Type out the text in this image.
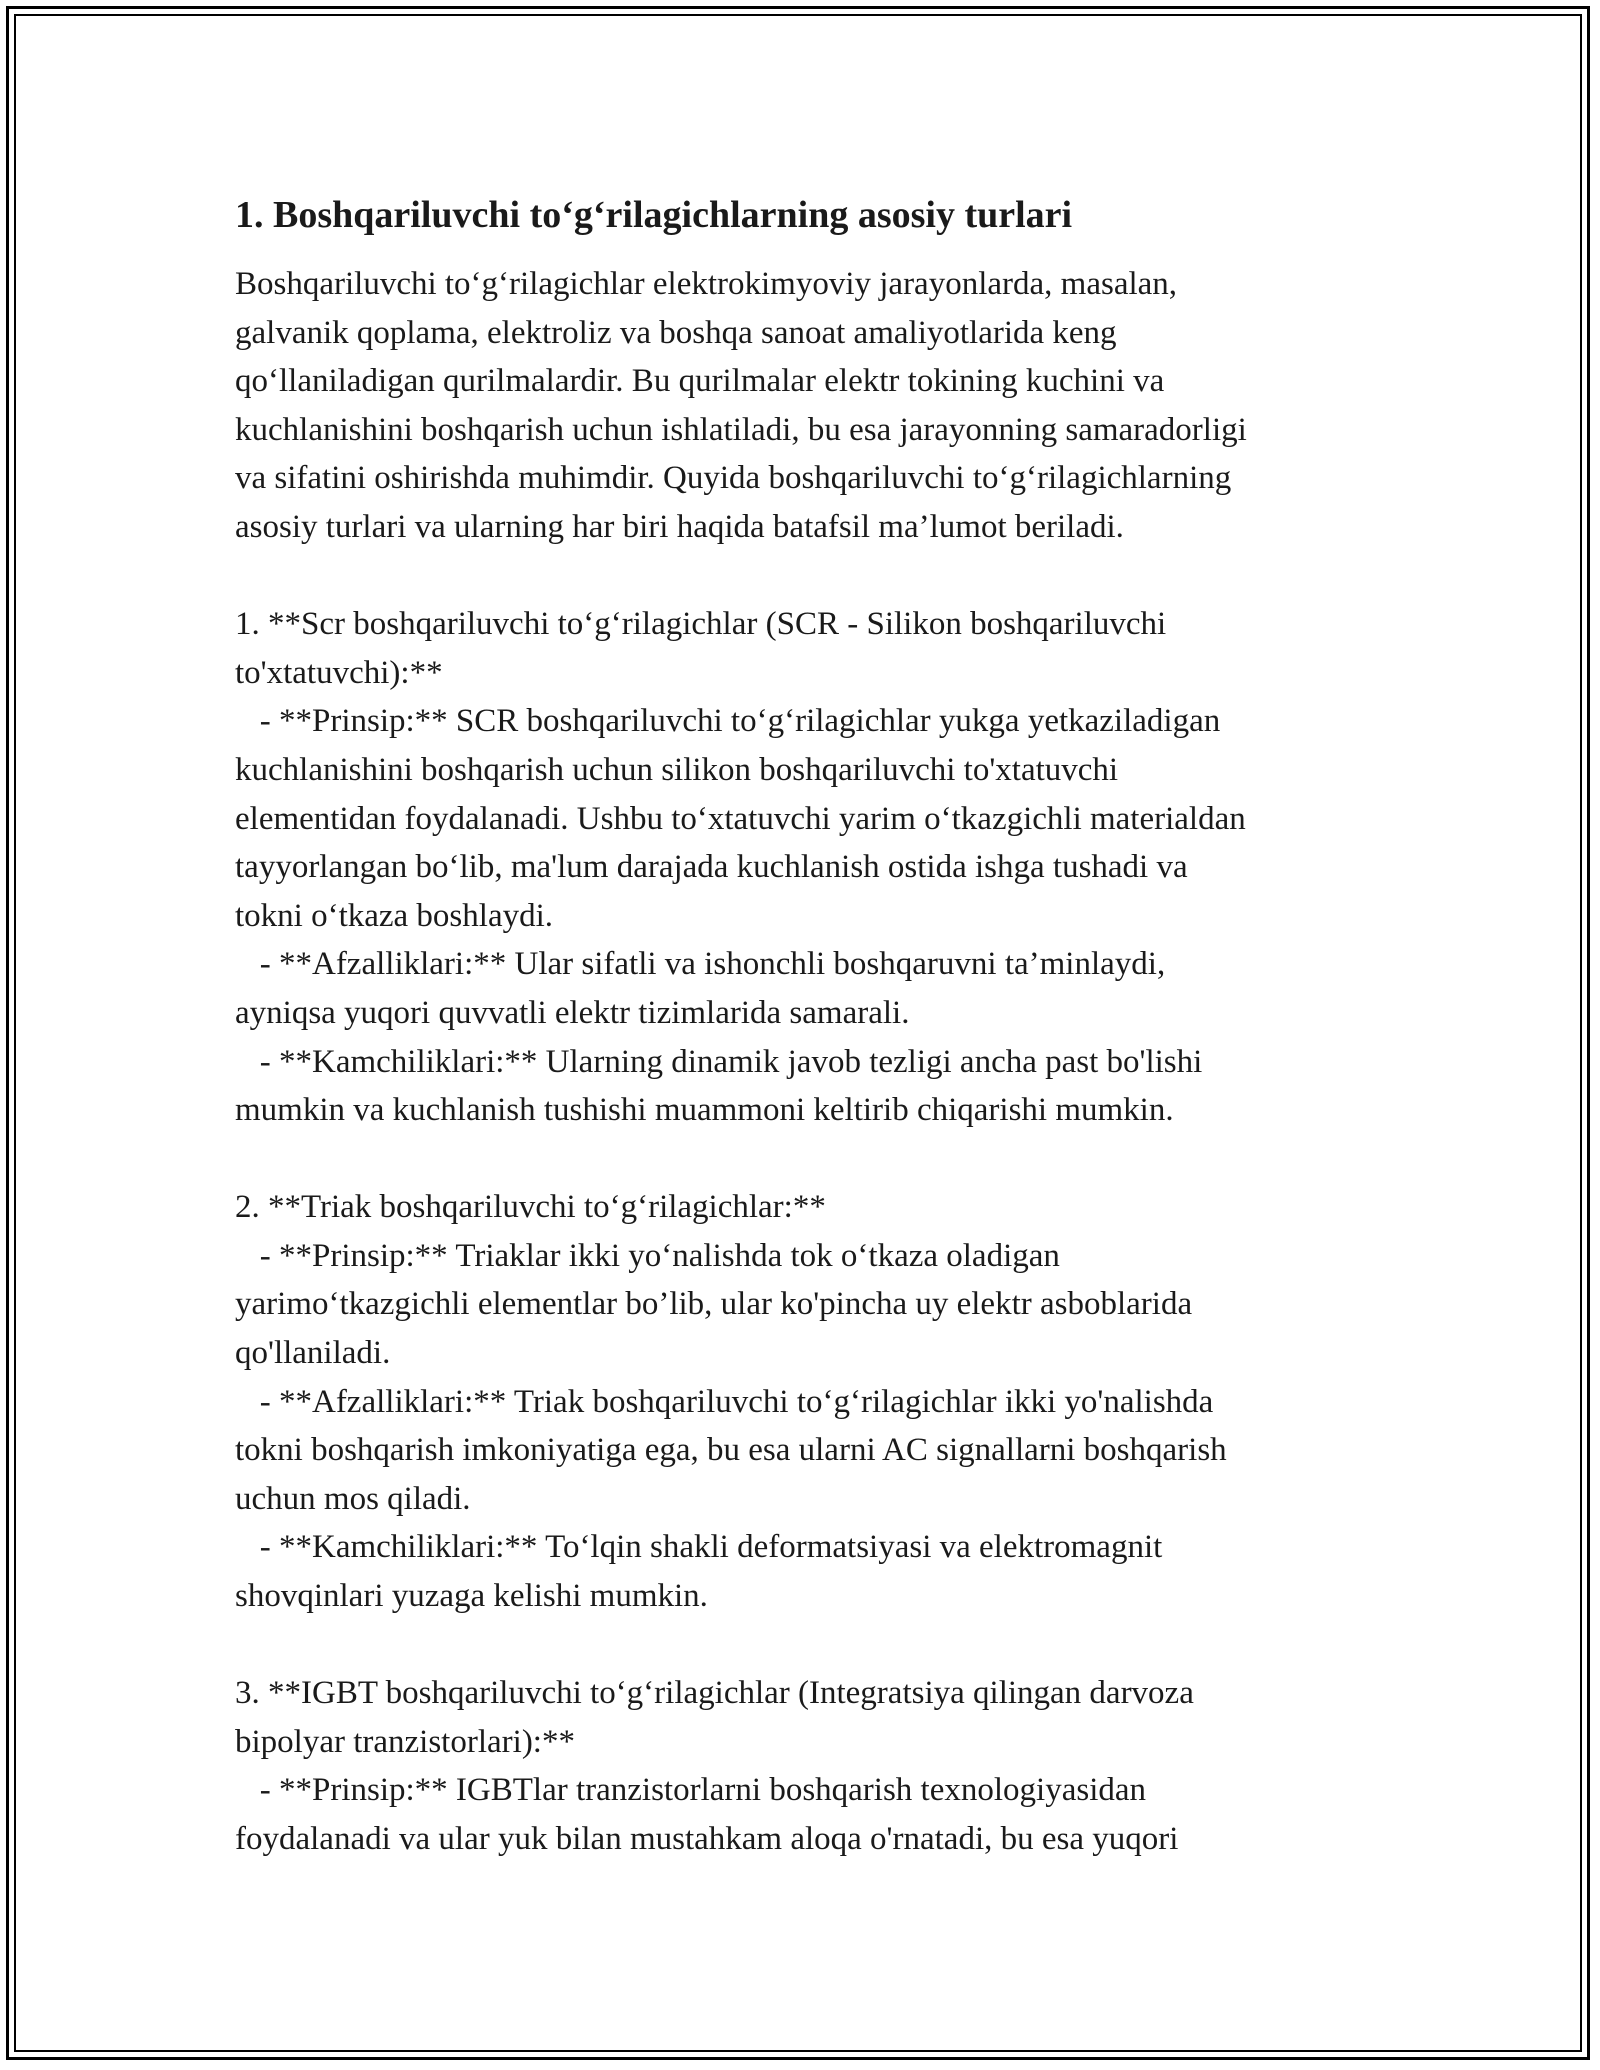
1. Boshqariluvchi to‘g‘rilagichlarning asosiy turlari

Boshqariluvchi to‘g‘rilagichlar elektrokimyoviy jarayonlarda, masalan,
galvanik qoplama, elektroliz va boshqa sanoat amaliyotlarida keng
qo‘llaniladigan qurilmalardir. Bu qurilmalar elektr tokining kuchini va
kuchlanishini boshqarish uchun ishlatiladi, bu esa jarayonning samaradorligi
va sifatini oshirishda muhimdir. Quyida boshqariluvchi to‘g‘rilagichlarning
asosiy turlari va ularning har biri haqida batafsil ma’lumot beriladi.

1. **Scr boshqariluvchi to‘g‘rilagichlar (SCR - Silikon boshqariluvchi
to'xtatuvchi):**
- **Prinsip:** SCR boshqariluvchi to‘g‘rilagichlar yukga yetkaziladigan
kuchlanishini boshqarish uchun silikon boshqariluvchi to'xtatuvchi
elementidan foydalanadi. Ushbu to‘xtatuvchi yarim o‘tkazgichli materialdan
tayyorlangan bo‘lib, ma'lum darajada kuchlanish ostida ishga tushadi va
tokni o‘tkaza boshlaydi.
- **Afzalliklari:** Ular sifatli va ishonchli boshqaruvni ta’minlaydi,
ayniqsa yuqori quvvatli elektr tizimlarida samarali.
- **Kamchiliklari:** Ularning dinamik javob tezligi ancha past bo'lishi
mumkin va kuchlanish tushishi muammoni keltirib chiqarishi mumkin.

2. **Triak boshqariluvchi to‘g‘rilagichlar:**
- **Prinsip:** Triaklar ikki yo‘nalishda tok o‘tkaza oladigan
yarimo‘tkazgichli elementlar bo’lib, ular ko'pincha uy elektr asboblarida
qo'llaniladi.
- **Afzalliklari:** Triak boshqariluvchi to‘g‘rilagichlar ikki yo'nalishda
tokni boshqarish imkoniyatiga ega, bu esa ularni AC signallarni boshqarish
uchun mos qiladi.
- **Kamchiliklari:** To‘lqin shakli deformatsiyasi va elektromagnit
shovqinlari yuzaga kelishi mumkin.

3. **IGBT boshqariluvchi to‘g‘rilagichlar (Integratsiya qilingan darvoza
bipolyar tranzistorlari):**
- **Prinsip:** IGBTlar tranzistorlarni boshqarish texnologiyasidan
foydalanadi va ular yuk bilan mustahkam aloqa o'rnatadi, bu esa yuqori
